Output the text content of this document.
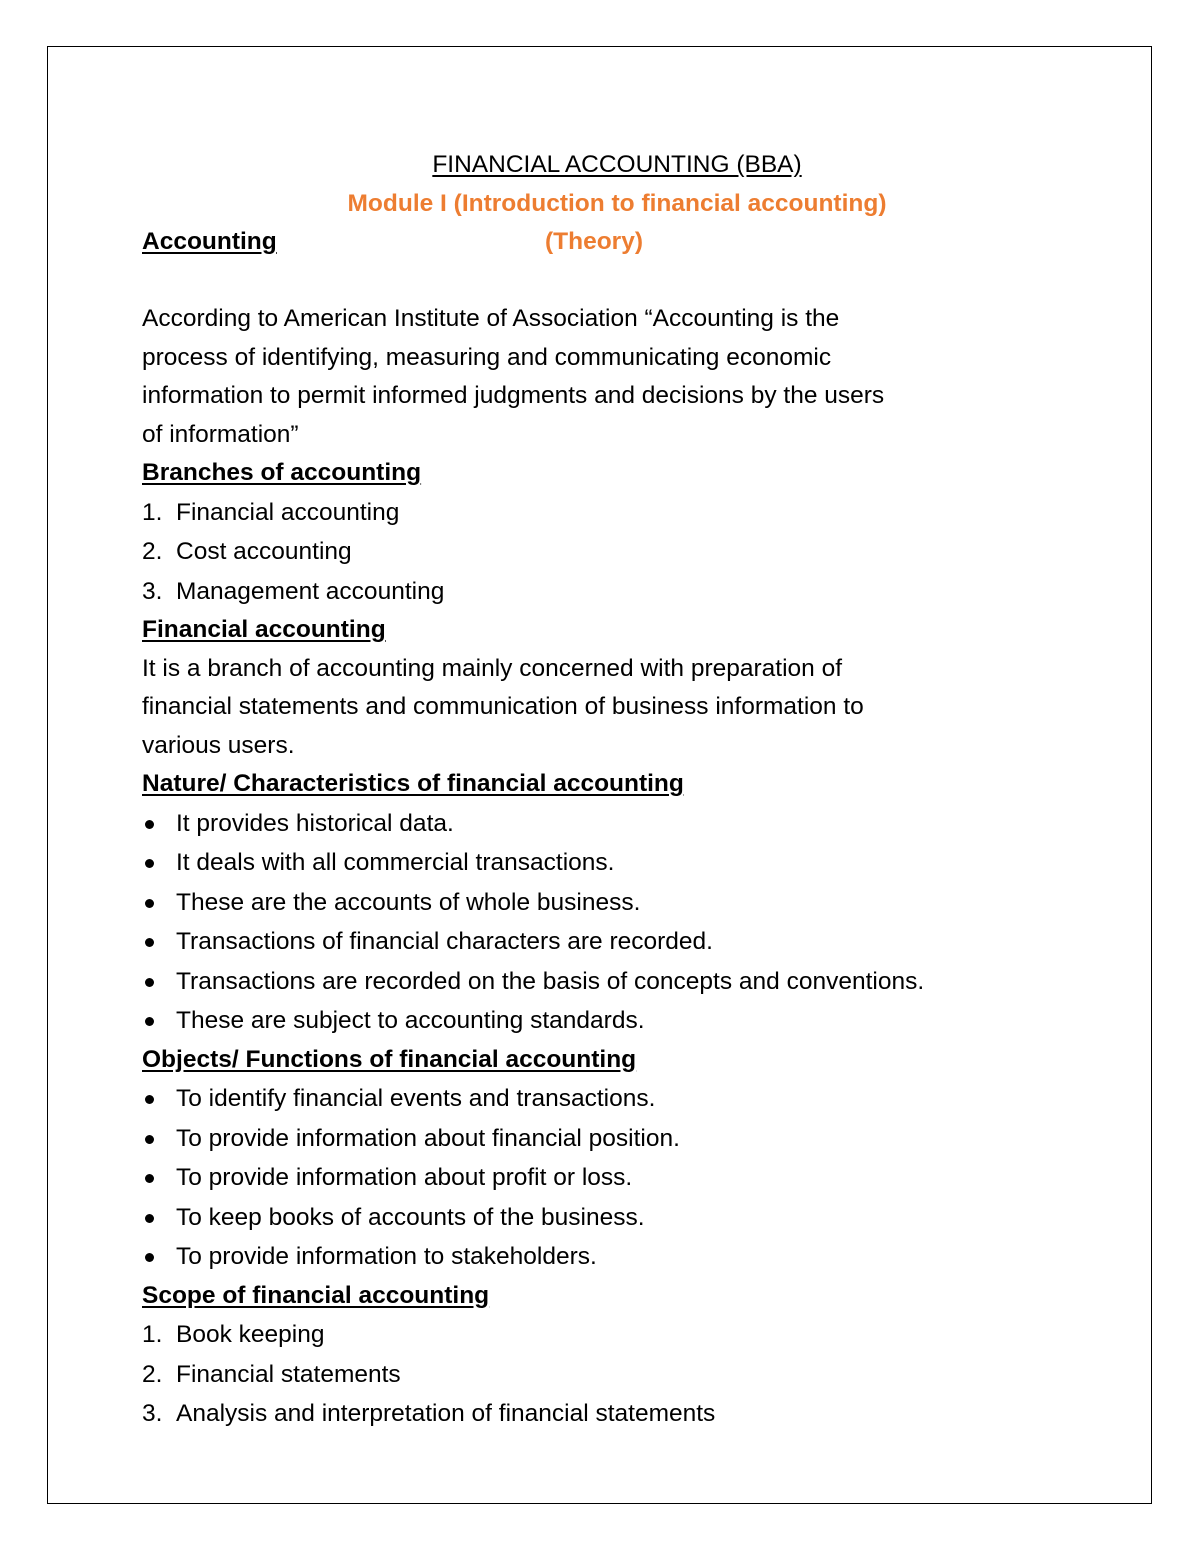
FINANCIAL ACCOUNTING (BBA)
Module I (Introduction to financial accounting)
Accounting	(Theory)
According to American Institute of Association “Accounting is the
process of identifying, measuring and communicating economic
information to permit informed judgments and decisions by the users
of information”
Branches of accounting
1. Financial accounting
2. Cost accounting
3. Management accounting
Financial accounting
It is a branch of accounting mainly concerned with preparation of
financial statements and communication of business information to
various users.
Nature/ Characteristics of financial accounting
It provides historical data.
It deals with all commercial transactions.
These are the accounts of whole business.
Transactions of financial characters are recorded.
Transactions are recorded on the basis of concepts and conventions.
These are subject to accounting standards.
Objects/ Functions of financial accounting
To identify financial events and transactions.
To provide information about financial position.
To provide information about profit or loss.
To keep books of accounts of the business.
To provide information to stakeholders.
Scope of financial accounting
1. Book keeping
2. Financial statements
3. Analysis and interpretation of financial statements
